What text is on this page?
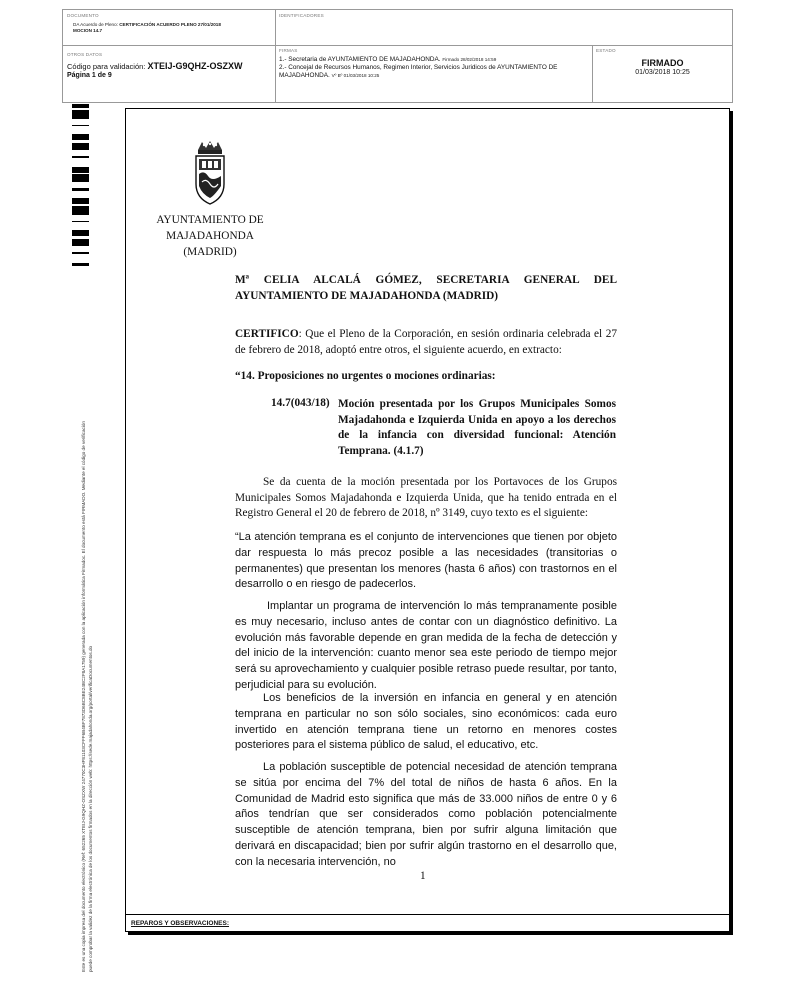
DOCUMENTO
DA Acuerdo de Pleno: CERTIFICACIÓN ACUERDO PLENO 27/01/2018
MOCION 14.7
IDENTIFICADORES
OTROS DATOS
Código para validación: XTEIJ-G9QHZ-OSZXW
Página 1 de 9
FIRMAS
1.- Secretaria de AYUNTAMIENTO DE MAJADAHONDA. Firmado 28/02/2018 14:59
2.- Concejal de Recursos Humanos, Regimen Interior, Servicios Juridicos de AYUNTAMIENTO DE MAJADAHONDA. Vº Bº 01/03/2018 10:25
ESTADO
FIRMADO
01/03/2018 10:25
Este es una copia impresa del documento electrónico (Ref: 652265 XTEIJ-G9QHZ-OSZXW 24770C3HF81103CFFF6B4BF7873D6BC8BE24BC2F8A1759) generada con la aplicación informática Firmadoc. El documento está FIRMADO. Mediante el código de verificación puede comprobar la validez de la firma electrónica de los documentos firmados en la dirección web: https://sede.majadahonda.org/portal/verificaDocumentos.do	REPAROS Y OBSERVACIONES:
AYUNTAMIENTO DE
MAJADAHONDA
(MADRID)
Mª CELIA ALCALÁ GÓMEZ, SECRETARIA GENERAL DEL
AYUNTAMIENTO DE MAJADAHONDA (MADRID)
CERTIFICO: Que el Pleno de la Corporación, en sesión ordinaria celebrada el 27 de febrero de 2018, adoptó entre otros, el siguiente acuerdo, en extracto:
“14. Proposiciones no urgentes o mociones ordinarias:
14.7(043/18) Moción presentada por los Grupos Municipales Somos Majadahonda e Izquierda Unida en apoyo a los derechos de la infancia con diversidad funcional: Atención Temprana. (4.1.7)
Se da cuenta de la moción presentada por los Portavoces de los Grupos Municipales Somos Majadahonda e Izquierda Unida, que ha tenido entrada en el Registro General el 20 de febrero de 2018, nº 3149, cuyo texto es el siguiente:
“La atención temprana es el conjunto de intervenciones que tienen por objeto dar respuesta lo más precoz posible a las necesidades (transitorias o permanentes) que presentan los menores (hasta 6 años) con trastornos en el desarrollo o en riesgo de padecerlos.
Implantar un programa de intervención lo más tempranamente posible es muy necesario, incluso antes de contar con un diagnóstico definitivo. La evolución más favorable depende en gran medida de la fecha de detección y del inicio de la intervención: cuanto menor sea este periodo de tiempo mejor será su aprovechamiento y cualquier posible retraso puede resultar, por tanto, perjudicial para su evolución.
Los beneficios de la inversión en infancia en general y en atención temprana en particular no son sólo sociales, sino económicos: cada euro invertido en atención temprana tiene un retorno en menores costes posteriores para el sistema público de salud, el educativo, etc.
La población susceptible de potencial necesidad de atención temprana se sitúa por encima del 7% del total de niños de hasta 6 años. En la Comunidad de Madrid esto significa que más de 33.000 niños de entre 0 y 6 años tendrían que ser considerados como población potencialmente susceptible de atención temprana, bien por sufrir alguna limitación que derivará en discapacidad; bien por sufrir algún trastorno en el desarrollo que, con la necesaria intervención, no
1
